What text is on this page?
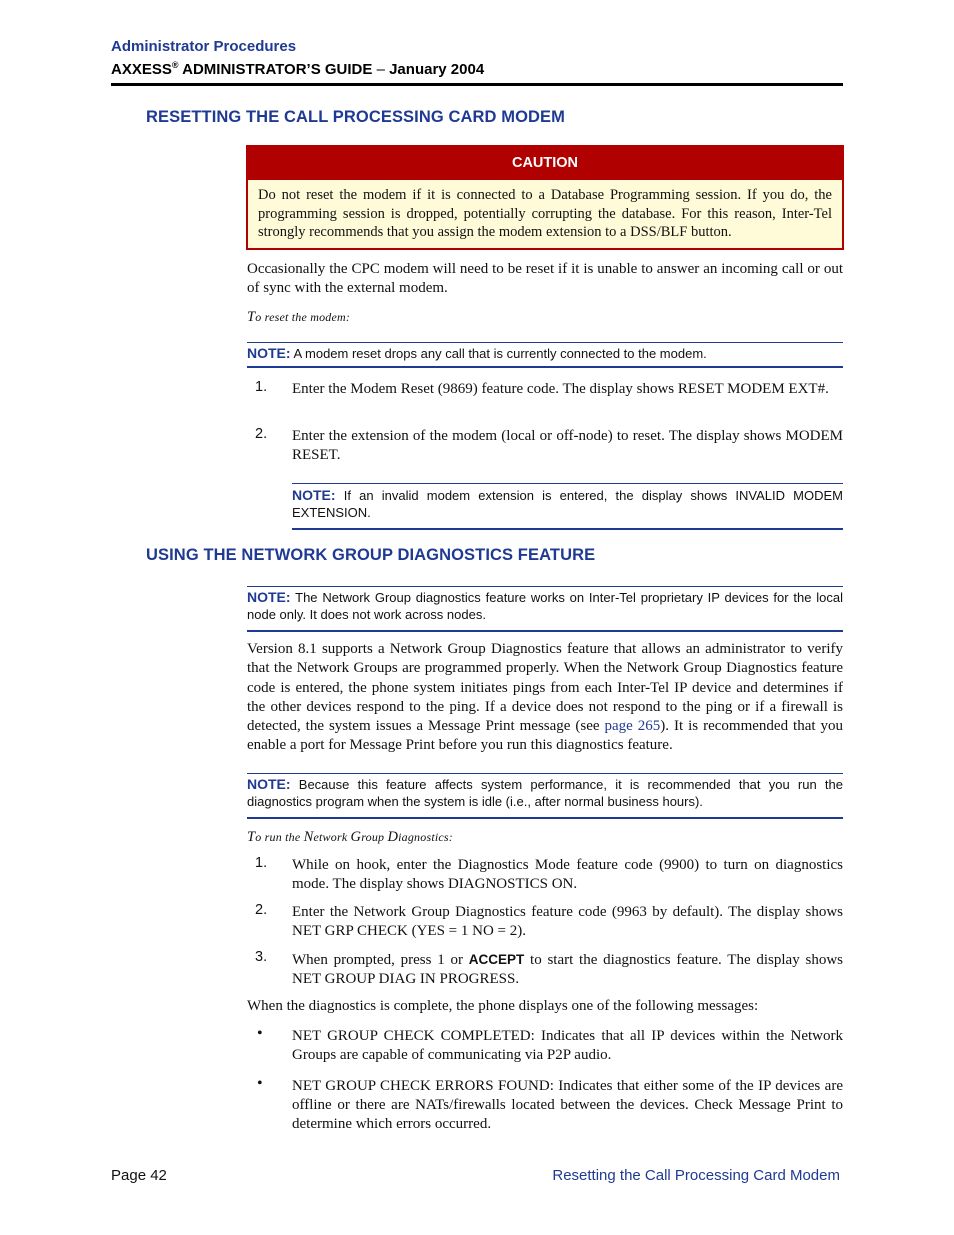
Administrator Procedures
AXXESS® ADMINISTRATOR’S GUIDE – January 2004
RESETTING THE CALL PROCESSING CARD MODEM
CAUTION
Do not reset the modem if it is connected to a Database Programming session. If you do, the programming session is dropped, potentially corrupting the database. For this reason, Inter-Tel strongly recommends that you assign the modem extension to a DSS/BLF button.
Occasionally the CPC modem will need to be reset if it is unable to answer an incoming call or out of sync with the external modem.
To reset the modem:
NOTE: A modem reset drops any call that is currently connected to the modem.
1. Enter the Modem Reset (9869) feature code. The display shows RESET MODEM EXT#.
2. Enter the extension of the modem (local or off-node) to reset. The display shows MODEM RESET.
NOTE: If an invalid modem extension is entered, the display shows INVALID MODEM EXTENSION.
USING THE NETWORK GROUP DIAGNOSTICS FEATURE
NOTE: The Network Group diagnostics feature works on Inter-Tel proprietary IP devices for the local node only. It does not work across nodes.
Version 8.1 supports a Network Group Diagnostics feature that allows an administrator to verify that the Network Groups are programmed properly. When the Network Group Diagnostics feature code is entered, the phone system initiates pings from each Inter-Tel IP device and determines if the other devices respond to the ping. If a device does not respond to the ping or if a firewall is detected, the system issues a Message Print message (see page 265). It is recommended that you enable a port for Message Print before you run this diagnostics feature.
NOTE: Because this feature affects system performance, it is recommended that you run the diagnostics program when the system is idle (i.e., after normal business hours).
To run the Network Group Diagnostics:
1. While on hook, enter the Diagnostics Mode feature code (9900) to turn on diagnostics mode. The display shows DIAGNOSTICS ON.
2. Enter the Network Group Diagnostics feature code (9963 by default). The display shows NET GRP CHECK (YES = 1 NO = 2).
3. When prompted, press 1 or ACCEPT to start the diagnostics feature. The display shows NET GROUP DIAG IN PROGRESS.
When the diagnostics is complete, the phone displays one of the following messages:
• NET GROUP CHECK COMPLETED: Indicates that all IP devices within the Network Groups are capable of communicating via P2P audio.
• NET GROUP CHECK ERRORS FOUND: Indicates that either some of the IP devices are offline or there are NATs/firewalls located between the devices. Check Message Print to determine which errors occurred.
Page 42	Resetting the Call Processing Card Modem
